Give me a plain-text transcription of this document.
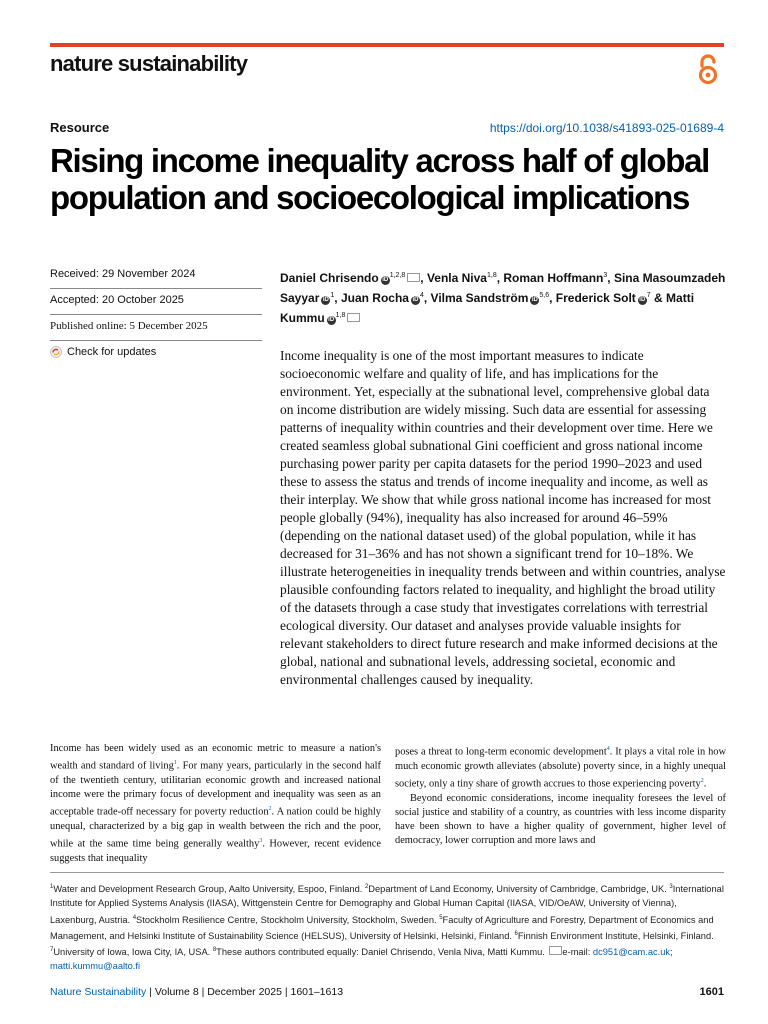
nature sustainability
Resource	https://doi.org/10.1038/s41893-025-01689-4
Rising income inequality across half of global population and socioecological implications
Received: 29 November 2024
Accepted: 20 October 2025
Published online: 5 December 2025
Check for updates
Daniel Chrisendo iD$^{1,2,8}$ , Venla Niva$^{1,8}$, Roman Hoffmann$^3$, Sina Masoumzadeh Sayyar $iD^1$, Juan Rocha $iD^4$, Vilma Sandström iD$^{5,6}$, Frederick Solt $iD^7$ & Matti Kummu iD$^{1,8}$

Income inequality is one of the most important measures to indicate socioeconomic welfare and quality of life, and has implications for the environment. Yet, especially at the subnational level, comprehensive global data on income distribution are widely missing. Such data are essential for assessing patterns of inequality within countries and their development over time. Here we created seamless global subnational Gini coefficient and gross national income purchasing power parity per capita datasets for the period 1990–2023 and used these to assess the status and trends of income inequality and income, as well as their interplay. We show that while gross national income has increased for most people globally (94%), inequality has also increased for around 46–59% (depending on the national dataset used) of the global population, while it has decreased for 31–36% and has not shown a significant trend for 10–18%. We illustrate heterogeneities in inequality trends between and within countries, analyse plausible confounding factors related to inequality, and highlight the broad utility of the datasets through a case study that investigates correlations with terrestrial ecological diversity. Our dataset and analyses provide valuable insights for relevant stakeholders to direct future research and make informed decisions at the global, national and subnational levels, addressing societal, economic and environmental challenges caused by inequality.

Income has been widely used as an economic metric to measure a nation's wealth and standard of living$^1$. For many years, particularly in the second half of the twentieth century, utilitarian economic growth and increased national income were the primary focus of development and inequality was seen as an acceptable trade-off necessary for poverty reduction$^2$. A nation could be highly unequal, characterized by a big gap in wealth between the rich and the poor, while at the same time being generally wealthy$^3$. However, recent evidence suggests that inequality

poses a threat to long-term economic development$^4$. It plays a vital role in how much economic growth alleviates (absolute) poverty since, in a highly unequal society, only a tiny share of growth accrues to those experiencing poverty$^2$.

Beyond economic considerations, income inequality foresees the level of social justice and stability of a country, as countries with less income disparity have been shown to have a higher quality of government, higher level of democracy, lower corruption and more laws and

$^1$Water and Development Research Group, Aalto University, Espoo, Finland. $^2$Department of Land Economy, University of Cambridge, Cambridge, UK. $^3$International Institute for Applied Systems Analysis (IIASA), Wittgenstein Centre for Demography and Global Human Capital (IIASA, VID/OeAW, University of Vienna), Laxenburg, Austria. $^4$Stockholm Resilience Centre, Stockholm University, Stockholm, Sweden. $^5$Faculty of Agriculture and Forestry, Department of Economics and Management, and Helsinki Institute of Sustainability Science (HELSUS), University of Helsinki, Helsinki, Finland. $^6$Finnish Environment Institute, Helsinki, Finland. $^7$University of Iowa, Iowa City, IA, USA. $^8$These authors contributed equally: Daniel Chrisendo, Venla Niva, Matti Kummu. e-mail: dc951@cam.ac.uk; matti.kummu@aalto.fi

Nature Sustainability | Volume 8 | December 2025 | 1601–1613	1601
